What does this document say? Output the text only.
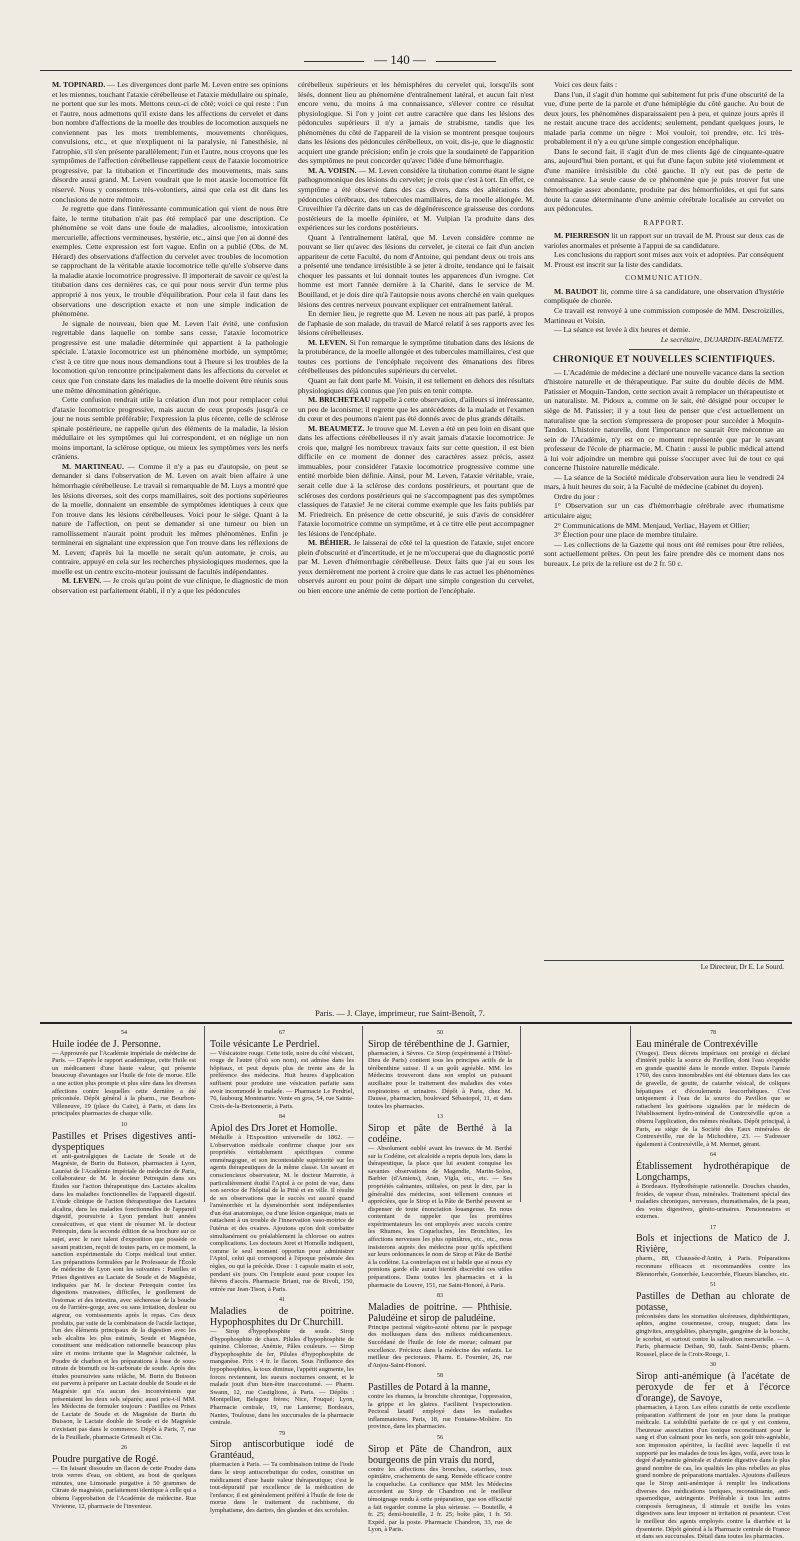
— 140 —

M. TOPINARD. — Les divergences dont parle M. Leven entre ses opinions et les miennes, touchant l'ataxie cérébelleuse et l'ataxie médullaire ou spinale, ne portent que sur les mots. Mettons ceux-ci de côté; voici ce qui reste : l'un et l'autre, nous admettons qu'il existe dans les affections du cervelet et dans bon nombre d'affections de la moelle des troubles de locomotion auxquels ne conviennent pas les mots tremblements, mouvements choréiques, convulsions, etc., et que n'expliquent ni la paralysie, ni l'anesthésie, ni l'atrophie, s'il s'en présente parallèlement; l'un et l'autre, nous croyons que les symptômes de l'affection cérébelleuse rappellent ceux de l'ataxie locomotrice progressive, par la titubation et l'incertitude des mouvements, mais sans désordre aussi grand. M. Leven voudrait que le mot ataxie locomotrice fût réservé. Nous y consentons très-volontiers, ainsi que cela est dit dans les conclusions de notre mémoire.

Je regrette que dans l'intéressante communication qui vient de nous être faite, le terme titubation n'ait pas été remplacé par une description. Ce phénomène se voit dans une foule de maladies, alcoolisme, intoxication mercurielle, affections vermineuses, hystérie, etc., ainsi que j'en ai donné des exemples. Cette expression est fort vague. Enfin on a publié (Obs. de M. Hérard) des observations d'affection du cervelet avec troubles de locomotion se rapprochant de la véritable ataxie locomotrice telle qu'elle s'observe dans la maladie ataxie locomotrice progressive. Il importerait de savoir ce qu'est la titubation dans ces dernières cas, ce qui pour nous servir d'un terme plus approprié à nos yeux, le trouble d'équilibration. Pour cela il faut dans les observations une description exacte et non une simple indication de phénomène.

Je signale de nouveau, bien que M. Leven l'ait évité, une confusion regrettable dans laquelle on tombe sans cesse, l'ataxie locomotrice progressive est une maladie déterminée qui appartient à la pathologie spéciale. L'ataxie locomotrice est un phénomène morbide, un symptôme; c'est à ce titre que nous nous demandions tout à l'heure si les troubles de la locomotion qu'on rencontre principalement dans les affections du cervelet et ceux que l'on constate dans les maladies de la moelle doivent être réunis sous une même dénomination générique.

Cette confusion rendrait utile la création d'un mot pour remplacer celui d'ataxie locomotrice progressive, mais aucun de ceux proposés jusqu'à ce jour ne nous semble préférable; l'expression la plus récente, celle de sclérose spinale postérieure, ne rappelle qu'un des éléments de la maladie, la lésion médullaire et les symptômes qui lui correspondent, et en néglige un non moins important, la sclérose optique, ou mieux les symptômes vers les nerfs crâniens.

M. MARTINEAU. — Comme il n'y a pas eu d'autopsie, on peut se demander si dans l'observation de M. Leven on avait bien affaire à une hémorrhagie cérébelleuse. Le travail si remarquable de M. Luys a montré que les lésions diverses, soit des corps mamillaires, soit des portions supérieures de la moelle, donnaient un ensemble de symptômes identiques à ceux que l'on trouve dans les lésions cérébelleuses. Voici pour le siège. Quant à la nature de l'affection, on peut se demander si une tumeur ou bien un ramollissement n'aurait point produit les mêmes phénomènes. Enfin je terminerai en signalant une expression que l'on trouve dans les réflexions de M. Leven; d'après lui la moelle ne serait qu'un automate, je crois, au contraire, appuyé en cela sur les recherches physiologiques modernes, que la moelle est un centre excito-moteur jouissant de facultés indépendantes.

M. LEVEN. — Je crois qu'au point de vue clinique, le diagnostic de mon observation est parfaitement établi, il n'y a que les pédoncules

cérébelleux supérieurs et les hémisphères du cervelet qui, lorsqu'ils sont lésés, donnent lieu au phénomène d'entraînement latéral, et aucun fait n'est encore venu, du moins à ma connaissance, s'élever contre ce résultat physiologique. Si l'on y joint cet autre caractère que dans les lésions des pédoncules supérieurs il n'y a jamais de strabisme, tandis que les phénomènes du côté de l'appareil de la vision se montrent presque toujours dans les lésions des pédoncules cérébelleux, on voit, dis-je, que le diagnostic acquiert une grande précision; enfin je crois que la soudaineté de l'apparition des symptômes ne peut concorder qu'avec l'idée d'une hémorrhagie.

M. A. VOISIN. — M. Leven considère la titubation comme étant le signe pathognomonique des lésions du cervelet; je crois que c'est à tort. En effet, ce symptôme a été observé dans des cas divers, dans des altérations des pédoncules cérébraux, des tubercules mamillaires, de la moelle allongée. M. Cruveilhier l'a décrite dans un cas de dégénérescence graisseuse des cordons postérieurs de la moelle épinière, et M. Vulpian l'a produite dans des expériences sur les cordons postérieurs.

Quant à l'entraînement latéral, que M. Leven considère comme ne pouvant se lier qu'avec des lésions du cervelet, je citerai ce fait d'un ancien appariteur de cette Faculté, du nom d'Antoine, qui pendant deux ou trois ans a présenté une tendance irrésistible à se jeter à droite, tendance qui le faisait choquer les passants et lui donnait toutes les apparences d'un ivrogne. Cet homme est mort l'année dernière à la Charité, dans le service de M. Bouillaud, et je dois dire qu'à l'autopsie nous avons cherché en vain quelques lésions des centres nerveux pouvant expliquer cet entraînement latéral.

En dernier lieu, je regrette que M. Leven ne nous ait pas parlé, à propos de l'aphasie de son malade, du travail de Marcé relatif à ses rapports avec les lésions cérébelleuses.

M. LEVEN. Si l'on remarque le symptôme titubation dans des lésions de la protubérance, de la moelle allongée et des tubercules mamillaires, c'est que toutes ces portions de l'encéphale reçoivent des émanations des fibres cérébelleuses des pédoncules supérieurs du cervelet.

Quant au fait dont parle M. Voisin, il est tellement en dehors des résultats physiologiques déjà connus que j'en puis en tenir compte.

M. BRICHETEAU rappelle à cette observation, d'ailleurs si intéressante, un peu de laconisme; il regrette que les antécédents de la malade et l'examen du cœur et des poumons n'aient pas été donnés avec de plus grands détails.

M. BEAUMETZ. Je trouve que M. Leven a été un peu loin en disant que dans les affections cérébelleuses il n'y avait jamais d'ataxie locomotrice. Je crois que, malgré les nombreux travaux faits sur cette question, il est bien difficile en ce moment de donner des caractères assez précis, assez immuables, pour considérer l'ataxie locomotrice progressive comme une entité morbide bien définie. Ainsi, pour M. Leven, l'ataxie véritable, vraie, serait celle due à la sclérose des cordons postérieurs, et pourtant que de scléroses des cordons postérieurs qui ne s'accompagnent pas des symptômes classiques de l'ataxie! Je ne citerai comme exemple que les faits publiés par M. Friedreich. En présence de cette obscurité, je suis d'avis de considérer l'ataxie locomotrice comme un symptôme, et à ce titre elle peut accompagner les lésions de l'encéphale.

M. BÉHIER. Je laisserai de côté tel la question de l'ataxie, sujet encore plein d'obscurité et d'incertitude, et je ne m'occuperai que du diagnostic porté par M. Leven d'hémorrhagie cérébelleuse. Deux faits que j'ai eu sous les yeux dernièrement me portent à croire que dans le cas actuel les phénomènes observés auront eu pour point de départ une simple congestion du cervelet, ou bien encore une anémie de cette portion de l'encéphale.

Voici ces deux faits :

Dans l'un, il s'agit d'un homme qui subitement fut pris d'une obscurité de la vue, d'une perte de la parole et d'une hémiplégie du côté gauche. Au bout de deux jours, les phénomènes disparaissaient peu à peu, et quinze jours après il ne restait aucune trace des accidents; seulement, pendant quelques jours, le malade parla comme un nègre : Moi vouloir, toi prendre, etc. Ici très-probablement il n'y a eu qu'une simple congestion encéphalique.

Dans le second fait, il s'agit d'un de mes clients âgé de cinquante-quatre ans, aujourd'hui bien portant, et qui fut d'une façon subite jeté violemment et d'une manière irrésistible du côté gauche. Il n'y eut pas de perte de connaissance. La seule cause de ce phénomène que je puis trouver fut une hémorrhagie assez abondante, produite par des hémorrhoïdes, et qui fut sans doute la cause déterminante d'une anémie cérébrale localisée au cervelet ou aux pédoncules.

RAPPORT.

M. PIERRESON lit un rapport sur un travail de M. Proust sur deux cas de varioles anormales et présente à l'appui de sa candidature.

Les conclusions du rapport sont mises aux voix et adoptées. Par conséquent M. Proust est inscrit sur la liste des candidats.

COMMUNICATION.

M. BAUDOT lit, comme titre à sa candidature, une observation d'hystérie compliquée de chorée.

Ce travail est renvoyé à une commission composée de MM. Descroizilles, Martineau et Voisin.

— La séance est levée à dix heures et demie.

Le secrétaire, DUJARDIN-BEAUMETZ.
CHRONIQUE ET NOUVELLES SCIENTIFIQUES.

— L'Académie de médecine a déclaré une nouvelle vacance dans la section d'histoire naturelle et de thérapeutique. Par suite du double décès de MM. Patissier et Moquin-Tandon, cette section avait à remplacer un thérapeutiste et un naturaliste. M. Pidoux a, comme on le sait, été désigné pour occuper le siège de M. Patissier; il y a tout lieu de penser que c'est actuellement un naturaliste que la section s'empressera de proposer pour succéder à Moquin-Tandon. L'histoire naturelle, dont l'importance ne saurait être méconnue au sein de l'Académie, n'y est en ce moment représentée que par le savant professeur de l'école de pharmacie, M. Chatin : aussi le public médical attend à lui voir adjoindre un membre qui puisse s'occuper avec lui de tout ce qui concerne l'histoire naturelle médicale.

— La séance de la Société médicale d'observation aura lieu le vendredi 24 mars, à huit heures du soir, à la Faculté de médecine (cabinet du doyen).

Ordre du jour :

1° Observation sur un cas d'hémorrhagie cérébrale avec rhumatisme articulaire aigu;

2° Communications de MM. Menjaud, Verliac, Hayem et Ollier;

3° Élection pour une place de membre titulaire.

— Les collections de la Gazette qui nous ont été remises pour être reliées, sont actuellement prêtes. On peut les faire prendre dès ce moment dans nos bureaux. Le prix de la reliure est de 2 fr. 50 c.

Le Directeur, Dr E. Le Sourd.
Paris. — J. Claye, imprimeur, rue Saint-Benoît, 7.
54
Huile iodée de J. Personne.
— Approuvée par l'Académie impériale de médecine de Paris. — D'après le rapport académique, cette Huile est un médicament d'une haute valeur, qui présente beaucoup d'avantages sur l'huile de foie de morue. Elle a une action plus prompte et plus sûre dans les diverses affections contre lesquelles cette dernière a été préconisée. Dépôt général à la pharm., rue Bourbon-Villeneuve, 19 (place du Caire), à Paris, et dans les principales pharmacies de chaque ville.
10
Pastilles et Prises digestives anti-dyspeptiques
et anti-gastralgiques de Lactate de Soude et de Magnésie, de Burin du Buisson, pharmacien à Lyon, Lauréat de l'Académie impériale de médecine de Paris, collaborateur de M. le docteur Petrequin dans ses Études sur l'action thérapeutique des Lactates alcalins dans les maladies fonctionnelles de l'appareil digestif. L'étude clinique de l'action thérapeutique des Lactates alcalins, dans les maladies fonctionnelles de l'appareil digestif, poursuivie à Lyon pendant huit années consécutives, et que vient de résumer M. le docteur Petrequin, dans la seconde édition de sa brochure sur ce sujet, avec le rare talent d'exposition que possède ce savant praticien, reçoit de toutes parts, en ce moment, la sanction expérimentale du Corps médical tout entier. Les préparations formulées par le Professeur de l'École de médecine de Lyon sont les suivantes : Pastilles et Prises digestives au Lactate de Soude et de Magnésie, indiquées par M. le docteur Petrequin contre les digestions mauvaises, difficiles, le gonflement de l'estomac et des intestins, avec sécheresse de la bouche ou de l'arrière-gorge, avec ou sans irritation, douleur ou aigreur, ou vomissements après le repas. Ces deux produits, par suite de la combinaison de l'acide lactique, l'un des éléments principaux de la digestion avec les sels alcalins les plus estimés, Soude et Magnésie, constituent une médication rationnelle beaucoup plus sûre et moins irritante que la Magnésie calcinée, la Poudre de charbon et les préparations à base de sous-nitrate de bismuth ou bi-carbonate de soude. Après des études poursuivies sans relâche, M. Burin du Buisson est parvenu à préparer un Lactate double de Soude et de Magnésie qui n'a aucun des inconvénients que présentaient les deux sels séparés; aussi prie-t-il MM. les Médecins de formuler toujours : Pastilles ou Prises de Lactate de Soude et de Magnésie de Burin du Buisson, le Lactate double de Soude et de Magnésie n'existant pas dans le commerce. Dépôt à Paris, 7, rue de la Feuillade, pharmacie Grimault et Cie.
26
Poudre purgative de Rogé.
— En faisant dissoudre un flacon de cette Poudre dans trois verres d'eau, on obtient, au bout de quelques minutes, une Limonade purgative à 50 grammes de Citrate de magnésie, parfaitement identique à celle qui a obtenu l'approbation de l'Académie de médecine. Rue Vivienne, 12, pharmacie de l'inventeur.
67
Toile vésicante Le Perdriel.
— Vésicatoire rouge. Cette toile, noire du côté vésicant, rouge de l'autre (d'où son nom), est admise dans les hôpitaux, et peut depuis plus de trente ans de la préférence des médecins. Huit heures d'application suffisent pour produire une vésication parfaite sans avoir incommodé le malade. — Pharmacie Le Perdriel, 76, faubourg Montmartre. Vente en gros, 54, rue Sainte-Croix-de-la-Bretonnerie, à Paris.
84
Apiol des Drs Joret et Homolle.
Médaille à l'Exposition universelle de 1862. — L'observation médicale confirme chaque jour ses propriétés véritablement spécifiques comme emménagogue, et son incontestable supériorité sur les agents thérapeutiques de la même classe. Un savant et consciencieux observateur, M. le docteur Marrotte, à particulièrement étudié l'Apiol à ce point de vue, dans son service de l'hôpital de la Pitié et en ville. Il résulte de ses observations que le succès est assuré quand l'aménorrhée et la dysménorrhée sont indépendantes d'un état anatomique, ou d'une lésion organique, mais se rattachent à un trouble de l'innervation vaso-motrice de l'utérus et des ovaires. Ajoutons qu'on doit combattre simultanément ou préalablement la chlorose ou autres complications. Les docteurs Joret et Homolle indiquent, comme le seul moment opportun pour administrer l'Apiol, celui qui correspond à l'époque présumée des règles, ou qui la précède. Dose : 1 capsule matin et soir, pendant six jours. On l'emploie aussi pour couper les fièvres d'accès. Pharmacie Briant, rue de Rivoli, 150, entrée rue Jean-Tison, à Paris.
41
Maladies de poitrine. Hypophosphites du Dr Churchill.
— Sirop d'hypophosphite de soude. Sirop d'hypophosphite de chaux. Pilules d'hypophosphite de quinine. Chlorose, Anémie, Pâles couleurs. — Sirop d'hypophosphite de fer, Pilules d'hypophosphite de manganèse. Prix : 4 fr. le flacon. Sous l'influence des hypophosphites, la toux diminue, l'appétit augmente, les forces reviennent, les sueurs nocturnes cessent, et le malade jouit d'un bien-être inaccoutumé. — Pharm. Swann, 12, rue Castiglione, à Paris. — Dépôts : Montpellier, Belugou frères; Nice, Fouqué; Lyon, Pharmacie centrale, 19, rue Lanterne; Bordeaux, Nantes, Toulouse, dans les succursales de la pharmacie centrale.
79
Sirop antiscorbutique iodé de Grantéaud,
pharmacien à Paris. — Ta combinaison intime de l'iode dans le sirop antiscorbutique du codex, constitue un médicament d'une haute valeur thérapeutique; c'est le tout-dépuratif par excellence de la médication de l'enfance; il est généralement préféré à l'huile de foie de morue dans le traitement du rachitisme, du lymphatisme, des dartres, des glandes et des scrofules.
50
Sirop de térébenthine de J. Garnier,
pharmacien, à Sèvres. Ce Sirop (expérimenté à l'Hôtel-Dieu de Paris) contient tous les principes actifs de la térébenthine suisse. Il a un goût agréable. MM. les Médecins trouveront dans son emploi un puissant auxiliaire pour le traitement des maladies des voies respiratoires et urinaires. Dépôt à Paris, chez M. Dausse, pharmacien, boulevard Sébastopol, 11, et dans toutes les pharmacies.
13
Sirop et pâte de Berthé à la codéine.
— Absolument oublié avant les travaux de M. Berthé sur la Codéine, cet alcaloïde a repris depuis lors, dans la thérapeutique, la place que lui avaient conquise les savantes observations de Magendie, Martin-Solon, Barbier (d'Amiens), Aran, Vigla, etc., etc. — Ses propriétés calmantes, utilisées, on peut le dire, par la généralité des médecins, sont tellement connues et appréciées, que le Sirop et la Pâte de Berthé peuvent se dispenser de toute énonciation louangeuse. En nous contentant de rappeler que les premières expérimentateurs les ont employés avec succès contre les Rhumes, les Coqueluches, les Bronchites, les affections nerveuses les plus opiniâtres, etc., etc., nous insisterons auprès des médecins pour qu'ils spécifient sur leurs ordonnances le nom de Sirop et Pâte de Berthé à la codéine. La contrefaçon est si habile que si nous n'y prenions garde elle aurait bientôt discrédité ces utiles préparations. Dans toutes les pharmacies et à la pharmacie du Louvre, 151, rue Saint-Honoré, à Paris.
83
Maladies de poitrine. — Phthisie. Paludéine et sirop de paludéine.
Principe pectoral végéto-azoté obtenu par le pavpage des mollusques dans des milieux médicamenteux. Succédané de l'huile de foie de morue; calmant par excellence. Précieux dans la médecine des enfants. Le meilleur des pectoraux. Pharm. E. Fournier, 26, rue d'Anjou-Saint-Honoré.
58
Pastilles de Potard à la manne,
contre les rhumes, la bronchite chronique, l'oppression, la grippe et les glaires. Facilitent l'expectoration. Pectoral laxatif employé dans les maladies inflammatoires. Paris, 18, rue Fontaine-Molière. En province, dans les pharmacies.
56
Sirop et Pâte de Chandron, aux bourgeons de pin vrais du nord,
contre les affections des bronches, catarrhes, toux opiniâtre, crachements de sang. Remède efficace contre la coqueluche. La confiance que MM. les Médecins accordent au Sirop de Chandron est le meilleur témoignage rendu à cette préparation, que son efficacité a fait regarder comme la plus sérieuse. — Bouteille, 4 fr. 25; demi-bouteille, 2 fr. 25; boîte pâte, 1 fr. 50. Expéd. par la poste. Pharmacie Chandron, 33, rue de Lyon, à Paris.
78
Eau minérale de Contrexéville
(Vosges). Deux décrets impériaux ont protégé et déclaré d'intérêt public la source du Pavillon, dont l'eau s'expédie en grande quantité dans le monde entier. Depuis l'année 1760, des cures innombrables ont été obtenues dans les cas de gravelle, de goutte, de catarrhe vésical, de coliques hépatiques et d'écoulements leucorrhéiques. C'est uniquement à l'eau de la source du Pavillon que se rattachent les guérisons signalées par le médecin de l'établissement hydro-minéral de Contrexéville qu'on a obtenu l'application, des mêmes résultats. Dépôt principal, à Paris, au siège de la Société des Eaux minérales de Contrexéville, rue de la Michodière, 23. — S'adresser également à Contrexéville, à M. Mermet, gérant.
64
Établissement hydrothérapique de Longchamps,
à Bordeaux. Hydrothérapie rationnelle. Douches chaudes, froides, de vapeur d'eau, minérales. Traitement spécial des maladies chroniques, nerveuses, rhumatismales, de la peau, des voies digestives, génito-urinaires. Pensionnaires et externes.
17
Bols et injections de Matico de J. Rivière,
pharm., 88, Chaussée-d'Antin, à Paris. Préparations reconnues efficaces et recommandées contre les Blennorrhée, Gonorrhée, Leucorrhée, Flueurs blanches, etc.
51
Pastilles de Dethan au chlorate de potasse,
préconisées dans les stomatites ulcéreuses, diphthéritiques, aphtes, angine couenneuse, croup, muguet; dans les gingivites, amygdalites, pharyngite, gangrène de la bouche, le scorbut, et surtout contre la salivation mercurielle. — A Paris, pharmacie Dethan, 90, faub. Saint-Denis; pharm. Roussel, place de la Croix-Rouge, 1.
30
Sirop anti-anémique (à l'acétate de peroxyde de fer et à l'écorce d'orange), de Savoye,
pharmacien, à Lyon. Les effets curatifs de cette excellente préparation s'affirment de jour en jour dans la pratique médicale. La solubilité parfaite de ce qui y est contenu, l'heureuse association d'un tonique reconstituant pour le sang et d'un calmant pour les nerfs, son goût très-agréable, son impression apéritive, la facilité avec laquelle il est supporté par les malades de tous les âges, voilà, avec tous le degré d'adynamie générale et d'atonie digestive dans le plus grand nombre de cas, les qualités les plus rebelles au plus grand nombre de préparations martiales. Ajoutons d'ailleurs que le Sirop anti-anémique à remplir les indications diverses des médications toniques, reconstituante, anti-spasmodique, astringente. Préférable à tous les autres composés ferrugineux, il stimule et tonifie les voies digestives sans leur imposer ni irritation ni pesanteur. C'est le meilleur des agents employés contre la diarrhée et la dysenterie. Dépôt général à la Pharmacie centrale de France et dans ses succursales. Détail dans toutes les pharmacies.
